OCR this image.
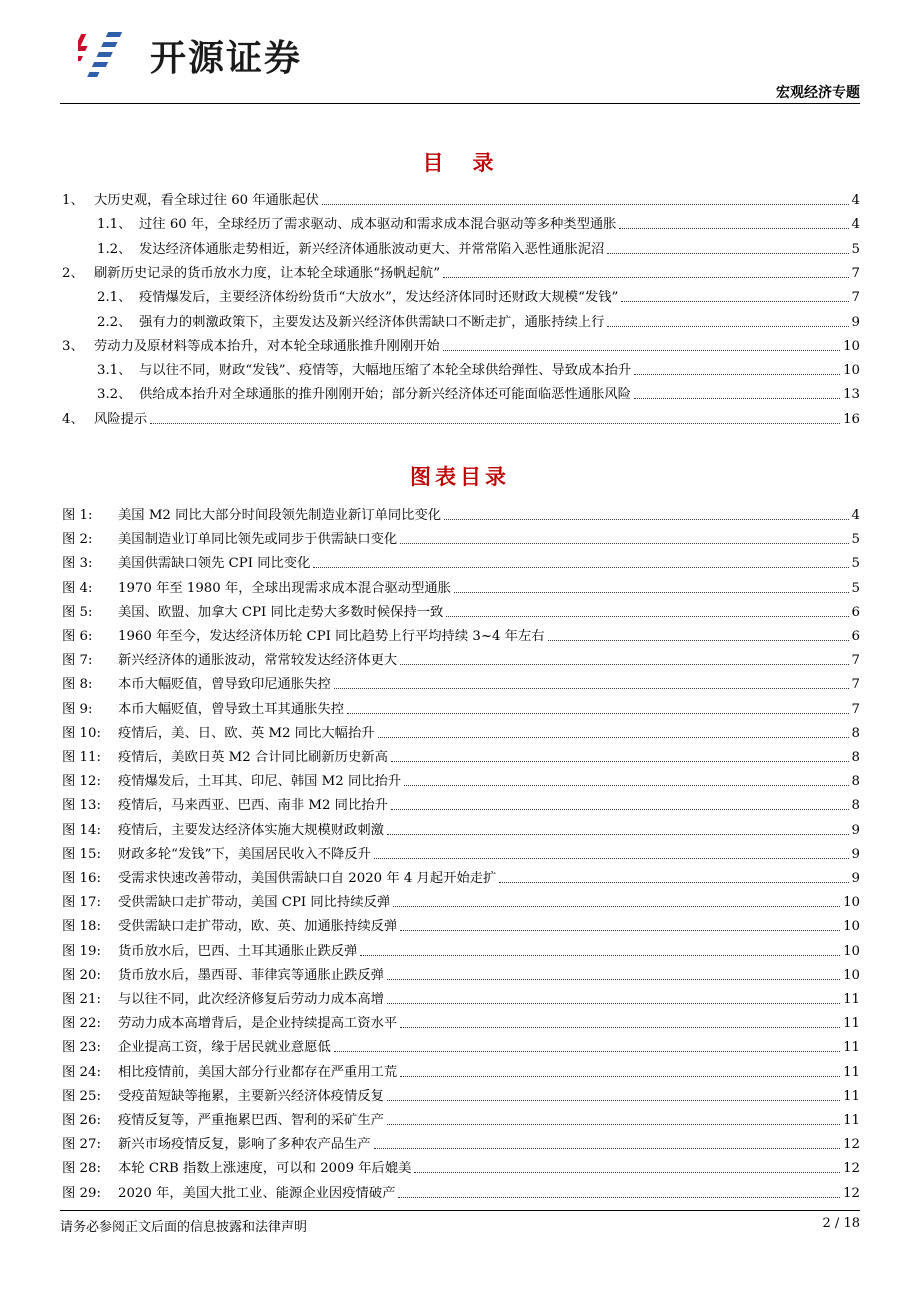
开源证券
宏观经济专题
目　录
1、 大历史观，看全球过往 60 年通胀起伏	4
1.1、 过往 60 年，全球经历了需求驱动、成本驱动和需求成本混合驱动等多种类型通胀	4
1.2、 发达经济体通胀走势相近，新兴经济体通胀波动更大、并常常陷入恶性通胀泥沼	5
2、 刷新历史记录的货币放水力度，让本轮全球通胀“扬帆起航”	7
2.1、 疫情爆发后，主要经济体纷纷货币“大放水”，发达经济体同时还财政大规模“发钱”	7
2.2、 强有力的刺激政策下，主要发达及新兴经济体供需缺口不断走扩，通胀持续上行	9
3、 劳动力及原材料等成本抬升，对本轮全球通胀推升刚刚开始	10
3.1、 与以往不同，财政“发钱”、疫情等，大幅地压缩了本轮全球供给弹性、导致成本抬升	10
3.2、 供给成本抬升对全球通胀的推升刚刚开始；部分新兴经济体还可能面临恶性通胀风险	13
4、 风险提示	16
图表目录
图 1:	美国 M2 同比大部分时间段领先制造业新订单同比变化	4
图 2:	美国制造业订单同比领先或同步于供需缺口变化	5
图 3:	美国供需缺口领先 CPI 同比变化	5
图 4:	1970 年至 1980 年，全球出现需求成本混合驱动型通胀	5
图 5:	美国、欧盟、加拿大 CPI 同比走势大多数时候保持一致	6
图 6:	1960 年至今，发达经济体历轮 CPI 同比趋势上行平均持续 3~4 年左右	6
图 7:	新兴经济体的通胀波动，常常较发达经济体更大	7
图 8:	本币大幅贬值，曾导致印尼通胀失控	7
图 9:	本币大幅贬值，曾导致土耳其通胀失控	7
图 10:	疫情后，美、日、欧、英 M2 同比大幅抬升	8
图 11:	疫情后，美欧日英 M2 合计同比刷新历史新高	8
图 12:	疫情爆发后，土耳其、印尼、韩国 M2 同比抬升	8
图 13:	疫情后，马来西亚、巴西、南非 M2 同比抬升	8
图 14:	疫情后，主要发达经济体实施大规模财政刺激	9
图 15:	财政多轮“发钱”下，美国居民收入不降反升	9
图 16:	受需求快速改善带动，美国供需缺口自 2020 年 4 月起开始走扩	9
图 17:	受供需缺口走扩带动，美国 CPI 同比持续反弹	10
图 18:	受供需缺口走扩带动，欧、英、加通胀持续反弹	10
图 19:	货币放水后，巴西、土耳其通胀止跌反弹	10
图 20:	货币放水后，墨西哥、菲律宾等通胀止跌反弹	10
图 21:	与以往不同，此次经济修复后劳动力成本高增	11
图 22:	劳动力成本高增背后，是企业持续提高工资水平	11
图 23:	企业提高工资，缘于居民就业意愿低	11
图 24:	相比疫情前，美国大部分行业都存在严重用工荒	11
图 25:	受疫苗短缺等拖累，主要新兴经济体疫情反复	11
图 26:	疫情反复等，严重拖累巴西、智利的采矿生产	11
图 27:	新兴市场疫情反复，影响了多种农产品生产	12
图 28:	本轮 CRB 指数上涨速度，可以和 2009 年后媲美	12
图 29:	2020 年，美国大批工业、能源企业因疫情破产	12
请务必参阅正文后面的信息披露和法律声明	2 / 18
